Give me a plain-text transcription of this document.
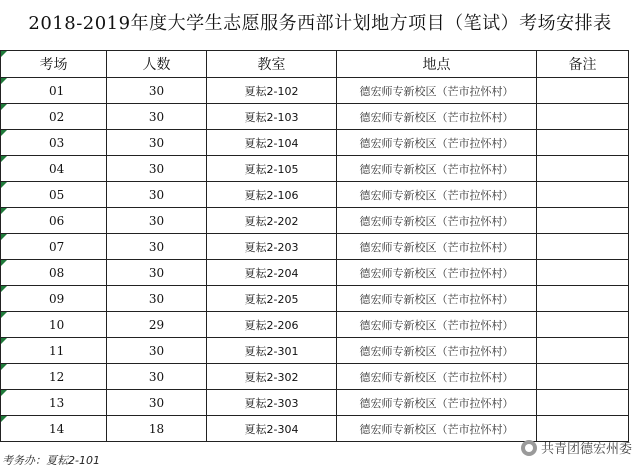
2018-2019年度大学生志愿服务西部计划地方项目（笔试）考场安排表
考场	人数	教室	地点	备注

01	30	夏耘2-102	德宏师专新校区（芒市拉怀村）	

02	30	夏耘2-103	德宏师专新校区（芒市拉怀村）	

03	30	夏耘2-104	德宏师专新校区（芒市拉怀村）	

04	30	夏耘2-105	德宏师专新校区（芒市拉怀村）	

05	30	夏耘2-106	德宏师专新校区（芒市拉怀村）	

06	30	夏耘2-202	德宏师专新校区（芒市拉怀村）	

07	30	夏耘2-203	德宏师专新校区（芒市拉怀村）	

08	30	夏耘2-204	德宏师专新校区（芒市拉怀村）	

09	30	夏耘2-205	德宏师专新校区（芒市拉怀村）	

10	29	夏耘2-206	德宏师专新校区（芒市拉怀村）	

11	30	夏耘2-301	德宏师专新校区（芒市拉怀村）	

12	30	夏耘2-302	德宏师专新校区（芒市拉怀村）	

13	30	夏耘2-303	德宏师专新校区（芒市拉怀村）	

14	18	夏耘2-304	德宏师专新校区（芒市拉怀村）	
考务办：夏耘2-101
共青团德宏州委
